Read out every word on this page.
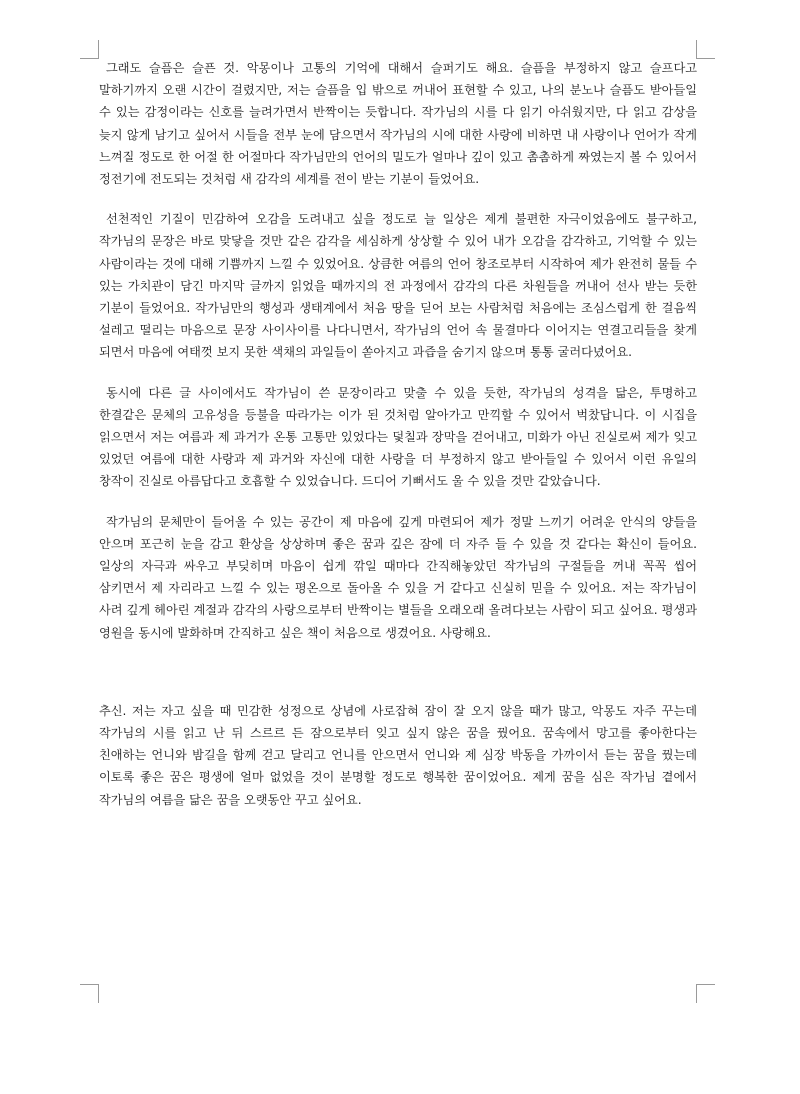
그래도 슬픔은 슬픈 것. 악몽이나 고통의 기억에 대해서 슬퍼기도 해요. 슬픔을 부정하지 않고 슬프다고 말하기까지 오랜 시간이 걸렸지만, 저는 슬픔을 입 밖으로 꺼내어 표현할 수 있고, 나의 분노나 슬픔도 받아들일 수 있는 감정이라는 신호를 늘려가면서 반짝이는 듯합니다. 작가님의 시를 다 읽기 아쉬웠지만, 다 읽고 감상을 늦지 않게 남기고 싶어서 시들을 전부 눈에 담으면서 작가님의 시에 대한 사랑에 비하면 내 사랑이나 언어가 작게 느껴질 정도로 한 어절 한 어절마다 작가님만의 언어의 밀도가 얼마나 깊이 있고 촘촘하게 짜였는지 볼 수 있어서 정전기에 전도되는 것처럼 새 감각의 세계를 전이 받는 기분이 들었어요.

선천적인 기질이 민감하여 오감을 도려내고 싶을 정도로 늘 일상은 제게 불편한 자극이었음에도 불구하고, 작가님의 문장은 바로 맞닿을 것만 같은 감각을 세심하게 상상할 수 있어 내가 오감을 감각하고, 기억할 수 있는 사람이라는 것에 대해 기쁨까지 느낄 수 있었어요. 상큼한 여름의 언어 창조로부터 시작하여 제가 완전히 물들 수 있는 가치관이 담긴 마지막 글까지 읽었을 때까지의 전 과정에서 감각의 다른 차원들을 꺼내어 선사 받는 듯한 기분이 들었어요. 작가님만의 행성과 생태계에서 처음 땅을 딛어 보는 사람처럼 처음에는 조심스럽게 한 걸음씩 설레고 떨리는 마음으로 문장 사이사이를 나다니면서, 작가님의 언어 속 물결마다 이어지는 연결고리들을 찾게 되면서 마음에 여태껏 보지 못한 색채의 과일들이 쏟아지고 과즙을 숨기지 않으며 통통 굴러다녔어요.

동시에 다른 글 사이에서도 작가님이 쓴 문장이라고 맞출 수 있을 듯한, 작가님의 성격을 닮은, 투명하고 한결같은 문체의 고유성을 등불을 따라가는 이가 된 것처럼 알아가고 만끽할 수 있어서 벅찼답니다. 이 시집을 읽으면서 저는 여름과 제 과거가 온통 고통만 있었다는 덫칠과 장막을 걷어내고, 미화가 아닌 진실로써 제가 잊고 있었던 여름에 대한 사랑과 제 과거와 자신에 대한 사랑을 더 부정하지 않고 받아들일 수 있어서 이런 유일의 창작이 진실로 아름답다고 호흡할 수 있었습니다. 드디어 기뻐서도 울 수 있을 것만 같았습니다.

작가님의 문체만이 들어올 수 있는 공간이 제 마음에 깊게 마련되어 제가 정말 느끼기 어려운 안식의 양들을 안으며 포근히 눈을 감고 환상을 상상하며 좋은 꿈과 깊은 잠에 더 자주 들 수 있을 것 같다는 확신이 들어요. 일상의 자극과 싸우고 부딪히며 마음이 쉽게 깎일 때마다 간직해놓았던 작가님의 구절들을 꺼내 꼭꼭 씹어 삼키면서 제 자리라고 느낄 수 있는 평온으로 돌아올 수 있을 거 같다고 신실히 믿을 수 있어요. 저는 작가님이 사려 깊게 헤아린 계절과 감각의 사랑으로부터 반짝이는 별들을 오래오래 올려다보는 사람이 되고 싶어요. 평생과 영원을 동시에 발화하며 간직하고 싶은 책이 처음으로 생겼어요. 사랑해요.

추신. 저는 자고 싶을 때 민감한 성정으로 상념에 사로잡혀 잠이 잘 오지 않을 때가 많고, 악몽도 자주 꾸는데 작가님의 시를 읽고 난 뒤 스르르 든 잠으로부터 잊고 싶지 않은 꿈을 꿨어요. 꿈속에서 망고를 좋아한다는 친애하는 언니와 밤길을 함께 걷고 달리고 언니를 안으면서 언니와 제 심장 박동을 가까이서 듣는 꿈을 꿨는데 이토록 좋은 꿈은 평생에 얼마 없었을 것이 분명할 정도로 행복한 꿈이었어요. 제게 꿈을 심은 작가님 곁에서 작가님의 여름을 닮은 꿈을 오랫동안 꾸고 싶어요.
